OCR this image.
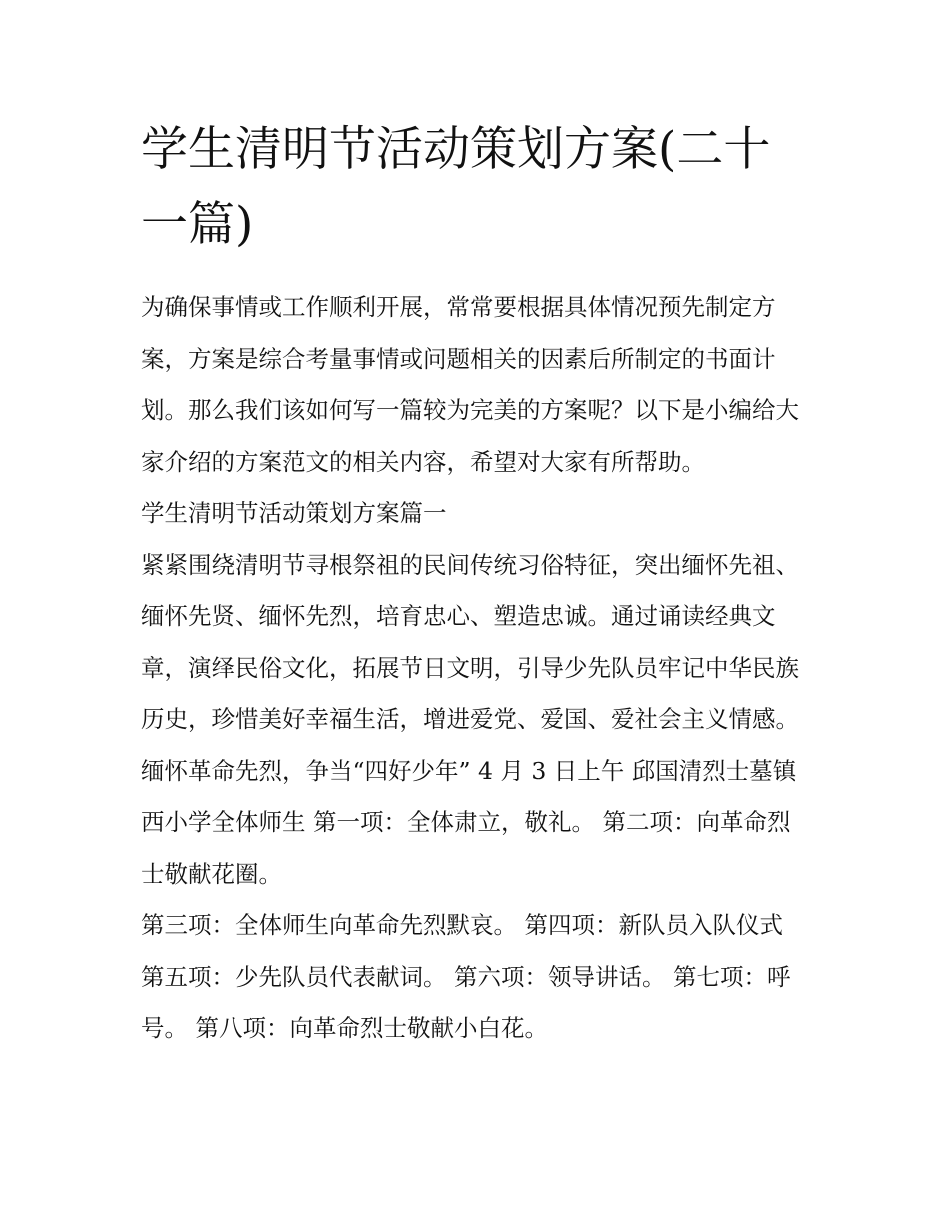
学生清明节活动策划方案(二十一篇)

为确保事情或工作顺利开展，常常要根据具体情况预先制定方案，方案是综合考量事情或问题相关的因素后所制定的书面计划。那么我们该如何写一篇较为完美的方案呢？以下是小编给大家介绍的方案范文的相关内容，希望对大家有所帮助。

学生清明节活动策划方案篇一

紧紧围绕清明节寻根祭祖的民间传统习俗特征，突出缅怀先祖、缅怀先贤、缅怀先烈，培育忠心、塑造忠诚。通过诵读经典文章，演绎民俗文化，拓展节日文明，引导少先队员牢记中华民族历史，珍惜美好幸福生活，增进爱党、爱国、爱社会主义情感。

缅怀革命先烈，争当“四好少年” 4 月 3 日上午 邱国清烈士墓镇西小学全体师生 第一项：全体肃立，敬礼。 第二项：向革命烈士敬献花圈。

第三项：全体师生向革命先烈默哀。 第四项：新队员入队仪式 第五项：少先队员代表献词。 第六项：领导讲话。 第七项：呼号。 第八项：向革命烈士敬献小白花。
